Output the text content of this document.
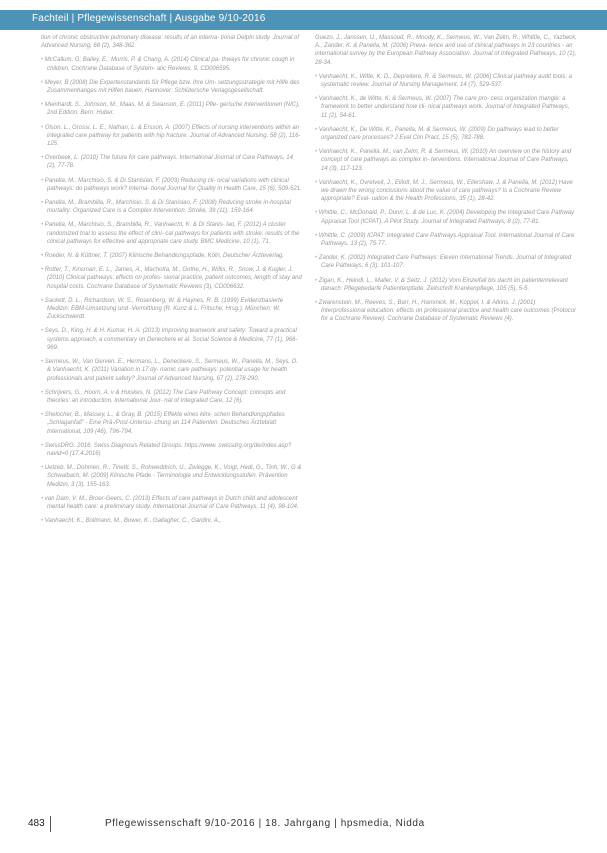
Fachteil | Pflegewissenschaft | Ausgabe 9/10-2016

tion of chronic obstructive pulmonary disease: results of an interna- tional Delphi study. Journal of Advanced Nursing, 68 (2), 348-362.

• McCallum, G; Bailey, E.; Morris, P. & Chang, A. (2014) Clinical pa- thways for chronic cough in children. Cochrane Database of System- atic Reviews, 9, CD006595.

• Meyer, B (2008) Die Expertenstandards für Pflege bzw. Ihre Um- setzungsstrategie mit Hilfe des Zusammenhanges mit Hilfen bauen, Hannover: Schlütersche Verlagsgesellschaft.

• Meinhardt, S., Johnson, M., Maas, M. & Swanson, E. (2011) Pfle- gerische Interventionen (NIC), 2nd Edition. Bern: Huber.

• Olson, L., Grossi, L. E., Nathan, L. & Ersson, A. (2007) Effects of nursing interventions within an integrated care pathway for patients with hip fracture. Journal of Advanced Nursing, 58 (2), 116-125.

• Overbeek, L. (2010) The future for care pathways. International Journal of Care Pathways, 14 (2), 77-78.

• Panella, M., Marchisio, S. & Di Stanislao, F. (2003) Reducing cli- nical variations with clinical pathways: do pathways work? Interna- tional Journal for Quality in Health Care, 15 (6), 509-521.

• Panella, M., Brambilla, R., Marchisio, S. & Di Stanislao, F. (2008) Reducing stroke in-hospital mortality: Organized Care is a Complex Intervention. Stroke, 39 (11), 159-164.

• Panella, M., Marchisio, S., Brambilla, R., Vanhaecht, K. & Di Stanis- lao, F. (2012) A cluster randomized trial to assess the effect of clini- cal pathways for patients with stroke: results of the clinical pathways for effective and appropriate care study. BMC Medicine, 10 (1), 71.

• Roeder, N. & Küttner, T. (2007) Klinische Behandlungspfade, Köln, Deutscher Ärzteverlag.

• Rotter, T., Kinsman, E. L., James, A., Machotta, M., Gothe, H., Willis, R., Snow, J. & Kugler, J. (2010) Clinical pathways: effects on profes- sional practice, patient outcomes, length of stay and hospital costs. Cochrane Database of Systematic Reviews (3), CD006632.

• Sackett, D. L., Richardson, W. S., Rosenberg, W. & Haynes, R. B. (1999) Evidenzbasierte Medizin: EBM-Umsetzung und -Vermittlung (R. Kunz & L. Fritsche, Hrsg.). München: W. Zuckschwerdt.

• Seys, D., King, H. & H. Kumar, H. A. (2013) Improving teamwork and safety: Toward a practical systems approach, a commentary on Deneckere et al. Social Science & Medicine, 77 (1), 966-969.

• Sermeus, W., Van Gerven, E., Hermans, L., Deneckere, S., Sermeus, W., Panella, M., Seys, D. & Vanhaecht, K. (2011) Variation in 17 dy- namic care pathways: potential usage for health professionals and patient safety? Journal of Advanced Nursing, 67 (2), 278-290.

• Schrijvers, G., Hoorn, A. v & Huiskes, N. (2012) The Care Pathway Concept: concepts and theories: an introduction. International Jour- nal of Integrated Care, 12 (6).

• Shelocher, B., Massey, L., & Gray, B. (2015) Effekte eines klini- schen Behandlungspfades „Schlaganfall" - Eine Prä-/Post-Untersu- chung an 114 Patienten. Deutsches Ärzteblatt International, 109 (46), 796-794.

• SwissDRG. 2016. Swiss Diagnosis Related Groups. https://www. swissdrg.org/de/index.asp?navid=0 (17.4.2016)

• Uelzeb, M., Dohmen, R., Tinetti, S., Rohweddrich, U., Zwiegge, K., Voigt, Hedi, G., Tinh, W., G & Schwalbach, M. (2009) Klinische Pfade - Terminologie und Entwicklungsstufen. Prävention Medizin, 3 (3), 155-163.

• van Dam, V. M., Broer-Geers, C. (2013) Effects of care pathways in Dutch child and adolescent mental health care: a preliminary study. International Journal of Care Pathways, 11 (4), 98-104.

• Vanhaecht, K., Bollmann, M., Bower, K., Gallagher, C., Gardini, A.,

Guezo, J., Janssen, U., Massoud, R., Moody, K., Sermeus, W., Van Zelm, R., Whittle, C., Yazbeck, A., Zander, K. & Panella, M. (2006) Preva- lence and use of clinical pathways in 23 countries - an international survey by the European Pathway Association. Journal of Integrated Pathways, 10 (1), 28-34.

• Vanhaecht, K., Witte, K. D., Depreitere, R. & Sermeus, W. (2006) Clinical pathway audit tools: a systematic review. Journal of Nursing Management, 14 (7), 529-537.

• Vanhaecht, K., de Witte, K. & Sermeus, W. (2007) The care pro- cess organization triangle: a framework to better understand how cli- nical pathways work. Journal of Integrated Pathways, 11 (2), 54-61.

• Vanhaecht, K., De Witte, K., Panella, M. & Sermeus, W. (2009) Do pathways lead to better organized care processes? J Eval Clin Pract, 15 (5), 782-788.

• Vanhaecht, K., Panella, M., van Zelm, R. & Sermeus, W. (2010) An overview on the history and concept of care pathways as complex in- terventions. International Journal of Care Pathways, 14 (3), 117-123.

• Vanhaecht, K., Ovretveit, J., Elliott, M. J., Sermeus, W., Ellershaw, J. & Panella, M. (2012) Have we drawn the wrong conclusions about the value of care pathways? Is a Cochrane Review appropriate? Eval- uation & the Health Professions, 35 (1), 28-42.

• Whittle, C., McDonald, P., Dunn, L. & de Luc, K. (2004) Developing the Integrated Care Pathway Appraisal Tool (ICPAT). A Pilot Study. Journal of Integrated Pathways, 8 (2), 77-81.

• Whittle, C. (2009) ICPAT: Integrated Care Pathways Appraisal Tool. International Journal of Care Pathways, 13 (2), 75-77.

• Zander, K. (2002) Integrated Care Pathways: Eleven International Trends. Journal of Integrated Care Pathways, 6 (3), 101-107.

• Zigan, K., Heindl, L., Maller, V. & Seitz, J. (2012) Vom Einzelfall bis dacht im patientenrelevant danach: Pflegebedarfe Patientenpfade. Zeitschrift Krankenpflege, 105 (5), 5-5.

• Zwarenstein, M., Reeves, S., Barr, H., Hammick, M., Koppel, I. & Atkins, J. (2001) Interprofessional education: effects on professional practice and health care outcomes (Protocol for a Cochrane Review). Cochrane Database of Systematic Reviews (4).

483	Pflegewissenschaft 9/10-2016 | 18. Jahrgang | hpsmedia, Nidda
